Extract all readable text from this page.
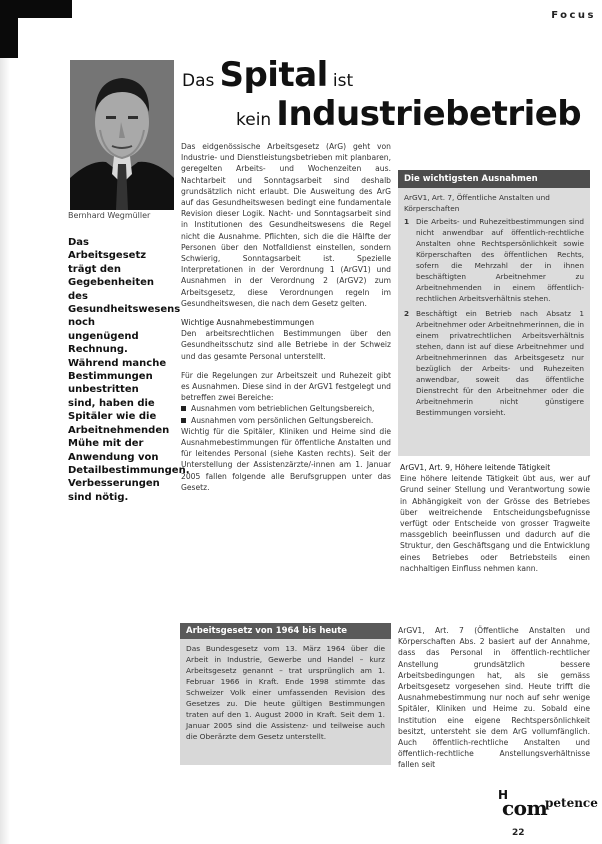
Focus
Das Spital ist
kein Industriebetrieb
Bernhard Wegmüller
Das Arbeitsgesetz trägt den Gegebenheiten des Gesundheitswesens noch ungenügend Rechnung. Während manche Bestimmungen unbestritten sind, haben die Spitäler wie die Arbeitnehmenden Mühe mit der Anwendung von Detailbestimmungen. Verbesserungen sind nötig.

Das eidgenössische Arbeitsgesetz (ArG) geht von Industrie- und Dienstleistungsbetrieben mit planbaren, geregelten Arbeits- und Wochenzeiten aus. Nachtarbeit und Sonntagsarbeit sind deshalb grundsätzlich nicht erlaubt. Die Ausweitung des ArG auf das Gesundheitswesen bedingt eine fundamentale Revision dieser Logik. Nacht- und Sonntagsarbeit sind in Institutionen des Gesundheitswesens die Regel nicht die Ausnahme. Pflichten, sich die die Hälfte der Personen über den Notfalldienst einstellen, sondern Schwierig, Sonntagsarbeit ist. Spezielle Interpretationen in der Verordnung 1 (ArGV1) und Ausnahmen in der Verordnung 2 (ArGV2) zum Arbeitsgesetz, diese Verordnungen regeln im Gesundheitswesen, die nach dem Gesetz gelten.

Wichtige Ausnahmebestimmungen

Den arbeitsrechtlichen Bestimmungen über den Gesundheitsschutz sind alle Betriebe in der Schweiz und das gesamte Personal unterstellt.

Für die Regelungen zur Arbeitszeit und Ruhezeit gibt es Ausnahmen. Diese sind in der ArGV1 festgelegt und betreffen zwei Bereiche:

Ausnahmen vom betrieblichen Geltungsbereich,

Ausnahmen vom persönlichen Geltungsbereich.

Wichtig für die Spitäler, Kliniken und Heime sind die Ausnahmebestimmungen für öffentliche Anstalten und für leitendes Personal (siehe Kasten rechts). Seit der Unterstellung der Assistenzärzte/-innen am 1. Januar 2005 fallen folgende alle Berufsgruppen unter das Gesetz.

Arbeitsgesetz von 1964 bis heute
Das Bundesgesetz vom 13. März 1964 über die Arbeit in Industrie, Gewerbe und Handel – kurz Arbeitsgesetz genannt – trat ursprünglich am 1. Februar 1966 in Kraft. Ende 1998 stimmte das Schweizer Volk einer umfassenden Revision des Gesetzes zu. Die heute gültigen Bestimmungen traten auf den 1. August 2000 in Kraft. Seit dem 1. Januar 2005 sind die Assistenz- und teilweise auch die Oberärzte dem Gesetz unterstellt.
Die wichtigsten Ausnahmen
ArGV1, Art. 7, Öffentliche Anstalten und Körperschaften
1 Die Arbeits- und Ruhezeitbestimmungen sind nicht anwendbar auf öffentlich-rechtliche Anstalten ohne Rechtspersönlichkeit sowie Körperschaften des öffentlichen Rechts, sofern die Mehrzahl der in ihnen beschäftigten Arbeitnehmer zu Arbeitnehmenden in einem öffentlich-rechtlichen Arbeitsverhältnis stehen.
2 Beschäftigt ein Betrieb nach Absatz 1 Arbeitnehmer oder Arbeitnehmerinnen, die in einem privatrechtlichen Arbeitsverhältnis stehen, dann ist auf diese Arbeitnehmer und Arbeitnehmerinnen das Arbeitsgesetz nur bezüglich der Arbeits- und Ruhezeiten anwendbar, soweit das öffentliche Dienstrecht für den Arbeitnehmer oder die Arbeitnehmerin nicht günstigere Bestimmungen vorsieht.

ArGV1, Art. 9, Höhere leitende Tätigkeit

Eine höhere leitende Tätigkeit übt aus, wer auf Grund seiner Stellung und Verantwortung sowie in Abhängigkeit von der Grösse des Betriebes über weitreichende Entscheidungsbefugnisse verfügt oder Entscheide von grosser Tragweite massgeblich beeinflussen und dadurch auf die Struktur, den Geschäftsgang und die Entwicklung eines Betriebes oder Betriebsteils einen nachhaltigen Einfluss nehmen kann.

ArGV1, Art. 7 (Öffentliche Anstalten und Körperschaften Abs. 2 basiert auf der Annahme, dass das Personal in öffentlich-rechtlicher Anstellung grundsätzlich bessere Arbeitsbedingungen hat, als sie gemäss Arbeitsgesetz vorgesehen sind. Heute trifft die Ausnahmebestimmung nur noch auf sehr wenige Spitäler, Kliniken und Heime zu. Sobald eine Institution eine eigene Rechtspersönlichkeit besitzt, untersteht sie dem ArG vollumfänglich. Auch öffentlich-rechtliche Anstalten und öffentlich-rechtliche Anstellungsverhältnisse fallen seit
H
com
petence
22
